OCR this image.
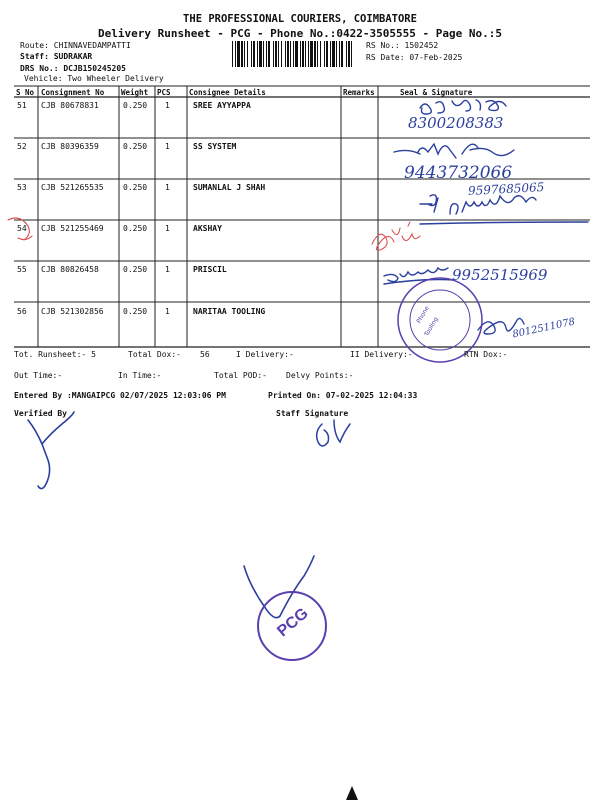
THE PROFESSIONAL COURIERS, COIMBATORE
Delivery Runsheet - PCG - Phone No.:0422-3505555 - Page No.:5
Route: CHINNAVEDAMPATTI
Staff: SUDRAKAR
DRS No.: DCJB150245205
Vehicle: Two Wheeler Delivery
RS No.: 1502452
RS Date: 07-Feb-2025
S No Consignment No Weight PCS Consignee Details	Remarks	Seal & Signature
51 CJB 80678831	0.250 1	SREE AYYAPPA
52 CJB 80396359	0.250 1	SS SYSTEM
53 CJB 521265535 0.250 1	SUMANLAL J SHAH
54 CJB 521255469 0.250 1	AKSHAY
55 CJB 80826458	0.250 1	PRISCIL
56 CJB 521302856 0.250 1	NARITAA TOOLING
8300208383
9443732066
9597685065
9952515969
8012511078
Phone
Tooling
PCG
Tot. Runsheet:- 5	Total Dox:- 56	I Delivery:-	II Delivery:-	RTN Dox:-
Out Time:-	In Time:-	Total POD:- Delvy Points:-
Entered By :MANGAIPCG 02/07/2025 12:03:06 PM	Printed On: 07-02-2025 12:04:33
Verified By	Staff Signature
